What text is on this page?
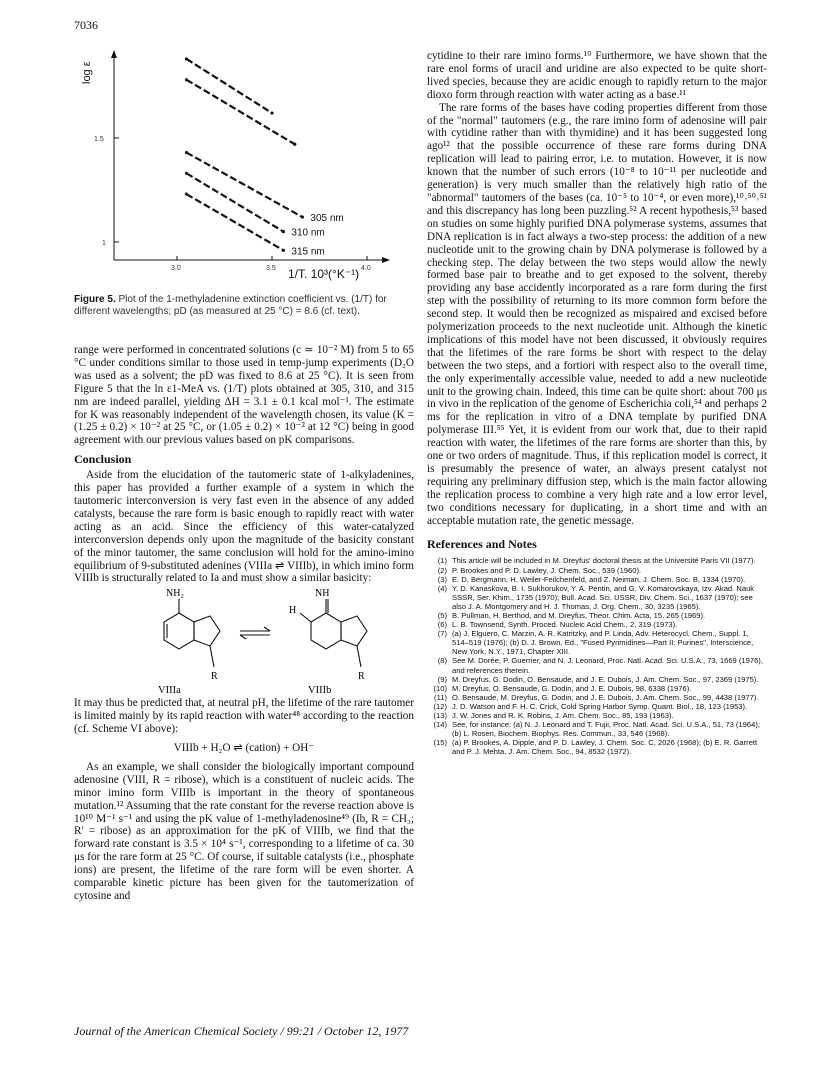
7036
log ε
1.5
1
3.0	3.5	4.0
1/T. 10³(°K⁻¹)
305 nm
310 nm
315 nm
Figure 5. Plot of the 1-methyladenine extinction coefficient vs. (1/T) for different wavelengths; pD (as measured at 25 °C) = 8.6 (cf. text).

range were performed in concentrated solutions (c ≃ 10⁻² M) from 5 to 65 °C under conditions similar to those used in temp-jump experiments (D₂O was used as a solvent; the pD was fixed to 8.6 at 25 °C). It is seen from Figure 5 that the ln ε1-MeA vs. (1/T) plots obtained at 305, 310, and 315 nm are indeed parallel, yielding ΔH = 3.1 ± 0.1 kcal mol⁻¹. The estimate for K was reasonably independent of the wavelength chosen, its value (K = (1.25 ± 0.2) × 10⁻² at 25 °C, or (1.05 ± 0.2) × 10⁻² at 12 °C) being in good agreement with our previous values based on pK comparisons.

Conclusion

Aside from the elucidation of the tautomeric state of 1-alkyladenines, this paper has provided a further example of a system in which the tautomeric interconversion is very fast even in the absence of any added catalysts, because the rare form is basic enough to rapidly react with water acting as an acid. Since the efficiency of this water-catalyzed interconversion depends only upon the magnitude of the basicity constant of the minor tautomer, the same conclusion will hold for the amino-imino equilibrium of 9-substituted adenines (VIIIa ⇌ VIIIb), in which imino form VIIIb is structurally related to Ia and must show a similar basicity:

NH₂	NH
H
R	R
VIIIa	VIIIb

It may thus be predicted that, at neutral pH, the lifetime of the rare tautomer is limited mainly by its rapid reaction with water⁴⁸ according to the reaction (cf. Scheme VI above):

VIIIb + H₂O ⇌ (cation) + OH⁻

As an example, we shall consider the biologically important compound adenosine (VIII, R = ribose), which is a constituent of nucleic acids. The minor imino form VIIIb is important in the theory of spontaneous mutation.¹² Assuming that the rate constant for the reverse reaction above is 10¹⁰ M⁻¹ s⁻¹ and using the pK value of 1-methyladenosine⁴⁹ (Ib, R = CH₃; R′ = ribose) as an approximation for the pK of VIIIb, we find that the forward rate constant is 3.5 × 10⁴ s⁻¹, corresponding to a lifetime of ca. 30 μs for the rare form at 25 °C. Of course, if suitable catalysts (i.e., phosphate ions) are present, the lifetime of the rare form will be even shorter. A comparable kinetic picture has been given for the tautomerization of cytosine and

cytidine to their rare imino forms.¹⁰ Furthermore, we have shown that the rare enol forms of uracil and uridine are also expected to be quite short-lived species, because they are acidic enough to rapidly return to the major dioxo form through reaction with water acting as a base.¹¹

The rare forms of the bases have coding properties different from those of the "normal" tautomers (e.g., the rare imino form of adenosine will pair with cytidine rather than with thymidine) and it has been suggested long ago¹² that the possible occurrence of these rare forms during DNA replication will lead to pairing error, i.e. to mutation. However, it is now known that the number of such errors (10⁻⁸ to 10⁻¹¹ per nucleotide and generation) is very much smaller than the relatively high ratio of the "abnormal" tautomers of the bases (ca. 10⁻⁵ to 10⁻⁴, or even more),¹⁰˒⁵⁰˒⁵¹ and this discrepancy has long been puzzling.⁵² A recent hypothesis,⁵³ based on studies on some highly purified DNA polymerase systems, assumes that DNA replication is in fact always a two-step process: the addition of a new nucleotide unit to the growing chain by DNA polymerase is followed by a checking step. The delay between the two steps would allow the newly formed base pair to breathe and to get exposed to the solvent, thereby providing any base accidently incorporated as a rare form during the first step with the possibility of returning to its more common form before the second step. It would then be recognized as mispaired and excised before polymerization proceeds to the next nucleotide unit. Although the kinetic implications of this model have not been discussed, it obviously requires that the lifetimes of the rare forms be short with respect to the delay between the two steps, and a fortiori with respect also to the overall time, the only experimentally accessible value, needed to add a new nucleotide unit to the growing chain. Indeed, this time can be quite short: about 700 μs in vivo in the replication of the genome of Escherichia coli,⁵⁴ and perhaps 2 ms for the replication in vitro of a DNA template by purified DNA polymerase III.⁵⁵ Yet, it is evident from our work that, due to their rapid reaction with water, the lifetimes of the rare forms are shorter than this, by one or two orders of magnitude. Thus, if this replication model is correct, it is presumably the presence of water, an always present catalyst not requiring any preliminary diffusion step, which is the main factor allowing the replication process to combine a very high rate and a low error level, two conditions necessary for duplicating, in a short time and with an acceptable mutation rate, the genetic message.

References and Notes
(1) This article will be included in M. Dreyfus' doctoral thesis at the Université Paris VII (1977).
(2) P. Brookes and P. D. Lawley, J. Chem. Soc., 539 (1960).
(3) E. D. Bergmann, H. Weiler-Feilchenfeld, and Z. Neiman, J. Chem. Soc. B, 1334 (1970).
(4) Y. D. Kanaskova, B. I. Sukhorukov, Y. A. Pentin, and G. V. Komarovskaya, Izv. Akad. Nauk SSSR, Ser. Khim., 1735 (1970); Bull. Acad. Sci. USSR, Div. Chem. Sci., 1637 (1970); see also J. A. Montgomery and H. J. Thomas, J. Org. Chem., 30, 3235 (1965).
(5) B. Pullman, H. Berthod, and M. Dreyfus, Theor. Chim. Acta, 15, 265 (1969).
(6) L. B. Townsend, Synth. Proced. Nucleic Acid Chem., 2, 319 (1973).
(7) (a) J. Elguero, C. Marzin, A. R. Katritzky, and P. Linda, Adv. Heterocycl. Chem., Suppl. 1, 514–519 (1976); (b) D. J. Brown, Ed., "Fused Pyrimidines—Part II: Purines", Interscience, New York, N.Y., 1971, Chapter XIII.
(8) See M. Dorée, P. Guerrier, and N. J. Leonard, Proc. Natl. Acad. Sci. U.S.A., 73, 1669 (1976), and references therein.
(9) M. Dreyfus, G. Dodin, O. Bensaude, and J. E. Dubois, J. Am. Chem. Soc., 97, 2369 (1975).
(10) M. Dreyfus, O. Bensaude, G. Dodin, and J. E. Dubois, 98, 6338 (1976).
(11) O. Bensaude, M. Dreyfus, G. Dodin, and J. E. Dubois, J. Am. Chem. Soc., 99, 4438 (1977).
(12) J. D. Watson and F. H. C. Crick, Cold Spring Harbor Symp. Quant. Biol., 18, 123 (1953).
(13) J. W. Jones and R. K. Robins, J. Am. Chem. Soc., 85, 193 (1963).
(14) See, for instance: (a) N. J. Leonard and T. Fujii, Proc. Natl. Acad. Sci. U.S.A., 51, 73 (1964); (b) L. Rosen, Biochem. Biophys. Res. Commun., 33, 546 (1968).
(15) (a) P. Brookes, A. Dipple, and P. D. Lawley, J. Chem. Soc. C, 2026 (1968); (b) E. R. Garrett and P. J. Mehta, J. Am. Chem. Soc., 94, 8532 (1972).
Journal of the American Chemical Society / 99:21 / October 12, 1977
